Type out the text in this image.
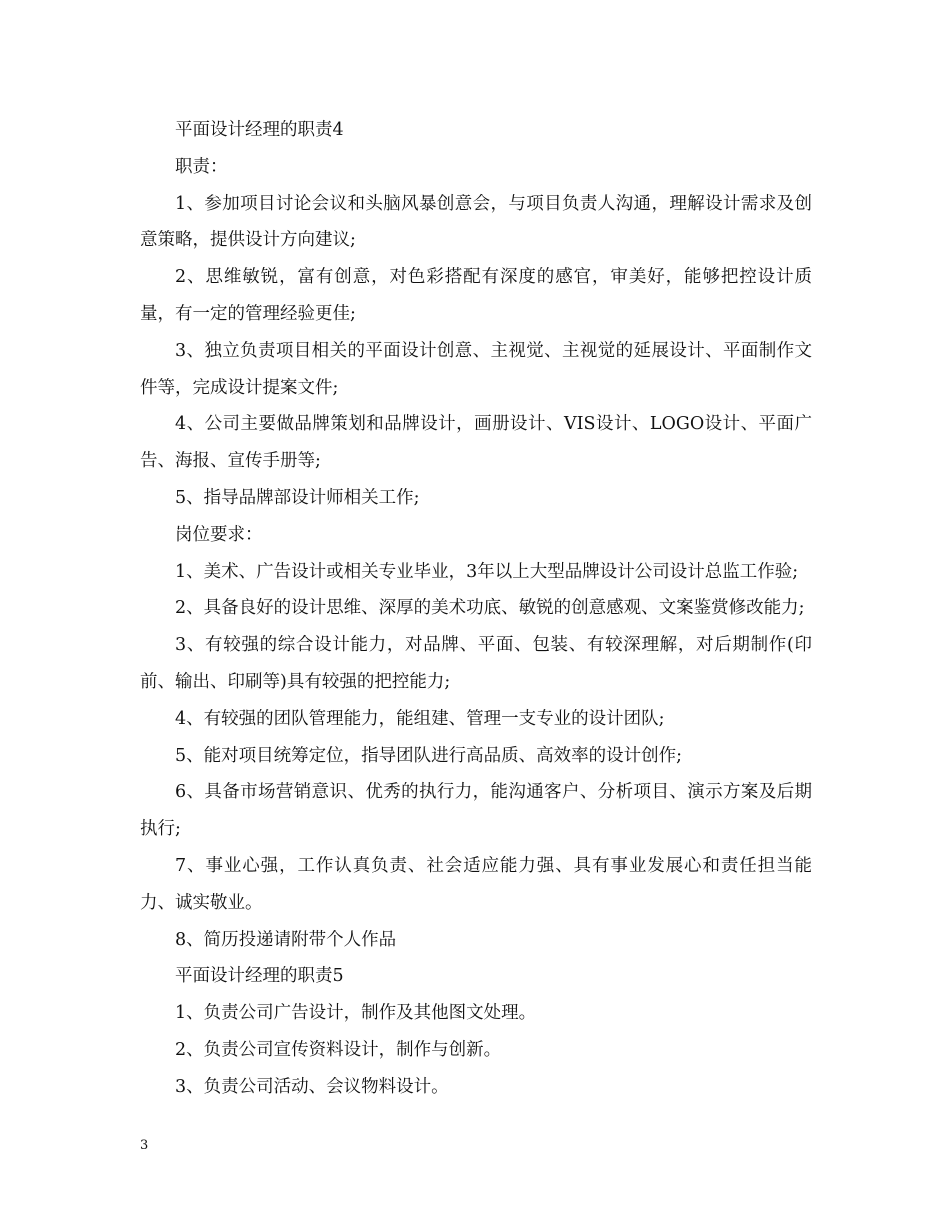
平面设计经理的职责4

职责：

1、参加项目讨论会议和头脑风暴创意会，与项目负责人沟通，理解设计需求及创意策略，提供设计方向建议;

2、思维敏锐，富有创意，对色彩搭配有深度的感官，审美好，能够把控设计质量，有一定的管理经验更佳;

3、独立负责项目相关的平面设计创意、主视觉、主视觉的延展设计、平面制作文件等，完成设计提案文件;

4、公司主要做品牌策划和品牌设计，画册设计、VIS设计、LOGO设计、平面广告、海报、宣传手册等;

5、指导品牌部设计师相关工作;

岗位要求：

1、美术、广告设计或相关专业毕业，3年以上大型品牌设计公司设计总监工作验;

2、具备良好的设计思维、深厚的美术功底、敏锐的创意感观、文案鉴赏修改能力;

3、有较强的综合设计能力，对品牌、平面、包装、有较深理解，对后期制作(印前、输出、印刷等)具有较强的把控能力;

4、有较强的团队管理能力，能组建、管理一支专业的设计团队;

5、能对项目统筹定位，指导团队进行高品质、高效率的设计创作;

6、具备市场营销意识、优秀的执行力，能沟通客户、分析项目、演示方案及后期执行;

7、事业心强，工作认真负责、社会适应能力强、具有事业发展心和责任担当能力、诚实敬业。

8、简历投递请附带个人作品

平面设计经理的职责5

1、负责公司广告设计，制作及其他图文处理。

2、负责公司宣传资料设计，制作与创新。

3、负责公司活动、会议物料设计。

3
